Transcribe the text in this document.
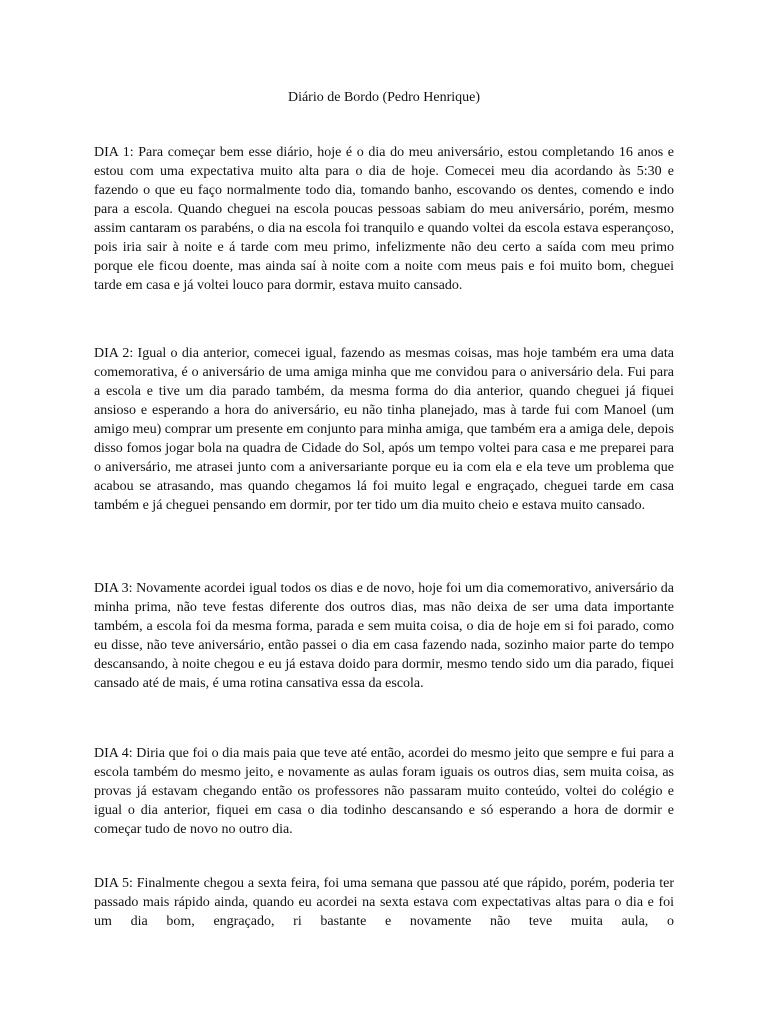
Diário de Bordo (Pedro Henrique)

DIA 1: Para começar bem esse diário, hoje é o dia do meu aniversário, estou completando 16 anos e estou com uma expectativa muito alta para o dia de hoje. Comecei meu dia acordando às 5:30 e fazendo o que eu faço normalmente todo dia, tomando banho, escovando os dentes, comendo e indo para a escola. Quando cheguei na escola poucas pessoas sabiam do meu aniversário, porém, mesmo assim cantaram os parabéns, o dia na escola foi tranquilo e quando voltei da escola estava esperançoso, pois iria sair à noite e á tarde com meu primo, infelizmente não deu certo a saída com meu primo porque ele ficou doente, mas ainda saí à noite com a noite com meus pais e foi muito bom, cheguei tarde em casa e já voltei louco para dormir, estava muito cansado.

DIA 2: Igual o dia anterior, comecei igual, fazendo as mesmas coisas, mas hoje também era uma data comemorativa, é o aniversário de uma amiga minha que me convidou para o aniversário dela. Fui para a escola e tive um dia parado também, da mesma forma do dia anterior, quando cheguei já fiquei ansioso e esperando a hora do aniversário, eu não tinha planejado, mas à tarde fui com Manoel (um amigo meu) comprar um presente em conjunto para minha amiga, que também era a amiga dele, depois disso fomos jogar bola na quadra de Cidade do Sol, após um tempo voltei para casa e me preparei para o aniversário, me atrasei junto com a aniversariante porque eu ia com ela e ela teve um problema que acabou se atrasando, mas quando chegamos lá foi muito legal e engraçado, cheguei tarde em casa também e já cheguei pensando em dormir, por ter tido um dia muito cheio e estava muito cansado.

DIA 3: Novamente acordei igual todos os dias e de novo, hoje foi um dia comemorativo, aniversário da minha prima, não teve festas diferente dos outros dias, mas não deixa de ser uma data importante também, a escola foi da mesma forma, parada e sem muita coisa, o dia de hoje em si foi parado, como eu disse, não teve aniversário, então passei o dia em casa fazendo nada, sozinho maior parte do tempo descansando, à noite chegou e eu já estava doido para dormir, mesmo tendo sido um dia parado, fiquei cansado até de mais, é uma rotina cansativa essa da escola.

DIA 4: Diria que foi o dia mais paia que teve até então, acordei do mesmo jeito que sempre e fui para a escola também do mesmo jeito, e novamente as aulas foram iguais os outros dias, sem muita coisa, as provas já estavam chegando então os professores não passaram muito conteúdo, voltei do colégio e igual o dia anterior, fiquei em casa o dia todinho descansando e só esperando a hora de dormir e começar tudo de novo no outro dia.

DIA 5: Finalmente chegou a sexta feira, foi uma semana que passou até que rápido, porém, poderia ter passado mais rápido ainda, quando eu acordei na sexta estava com expectativas altas para o dia e foi um dia bom, engraçado, ri bastante e novamente não teve muita aula, o
